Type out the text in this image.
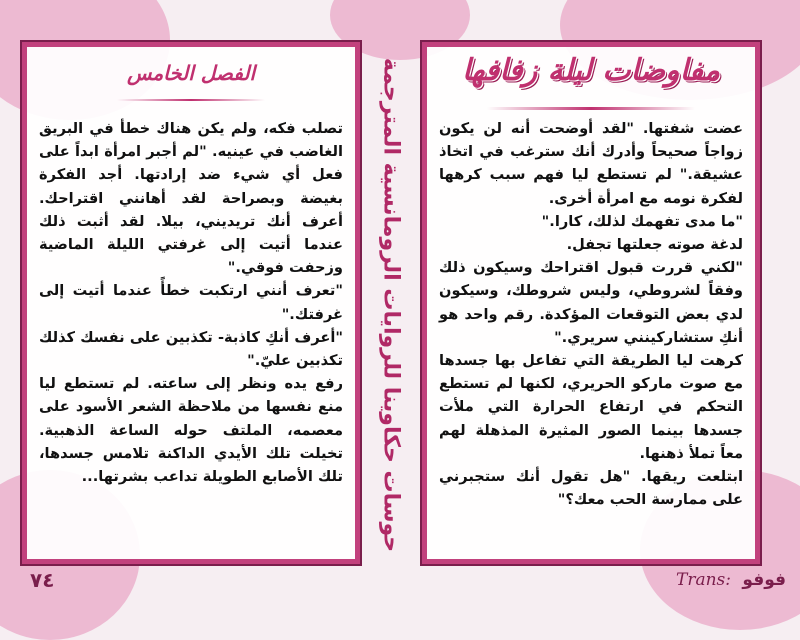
مفاوضات ليلة زفافها

عضت شفتها. "لقد أوضحت أنه لن يكون زواجاً صحيحاً وأدرك أنك سترغب في اتخاذ عشيقة." لم تستطع ليا فهم سبب كرهها لفكرة نومه مع امرأة أخرى.

"ما مدى تفهمك لذلك، كارا."

لدغة صوته جعلتها تجفل.

"لكني قررت قبول اقتراحك وسيكون ذلك وفقاً لشروطي، وليس شروطك، وسيكون لدي بعض التوقعات المؤكدة. رقم واحد هو أنكِ ستشاركينني سريري."

كرهت ليا الطريقة التي تفاعل بها جسدها مع صوت ماركو الحريري، لكنها لم تستطع التحكم في ارتفاع الحرارة التي ملأت جسدها بينما الصور المثيرة المذهلة لهم معاً تملأ ذهنها.

ابتلعت ريقها. "هل تقول أنك ستجبرني على ممارسة الحب معك؟"

حوسات حكاوينا للروايات الرومانسية المترجمة
الفصل الخامس

تصلب فكه، ولم يكن هناك خطأ في البريق الغاضب في عينيه. "لم أجبر امرأة ابداً على فعل أي شيء ضد إرادتها. أجد الفكرة بغيضة وبصراحة لقد أهانني اقتراحك. أعرف أنك تريديني، بيلا. لقد أثبت ذلك عندما أتيت إلى غرفتي الليلة الماضية وزحفت فوقي."

"تعرف أنني ارتكبت خطأً عندما أتيت إلى غرفتك."

"أعرف أنكِ كاذبة- تكذبين على نفسك كذلك تكذبين عليّ."

رفع يده ونظر إلى ساعته. لم تستطع ليا منع نفسها من ملاحظة الشعر الأسود على معصمه، الملتف حوله الساعة الذهبية. تخيلت تلك الأيدي الداكنة تلامس جسدها، تلك الأصابع الطويلة تداعب بشرتها...

٧٤	Trans: فوفو
